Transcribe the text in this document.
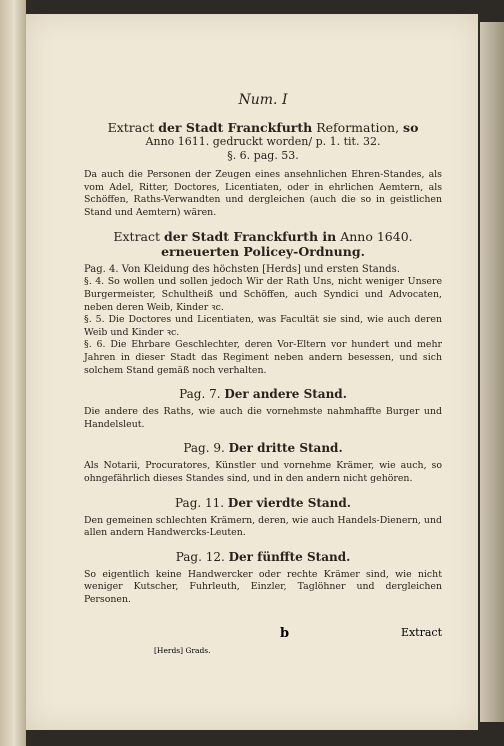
Num. I
Extract der Stadt Franckfurth Reformation, so
Anno 1611. gedruckt worden/ p. 1. tit. 32.
§. 6. pag. 53.
Da auch die Personen der Zeugen eines ansehnlichen Ehren-Standes, als vom Adel, Ritter, Doctores, Licentiaten, oder in ehrlichen Aemtern, als Schöffen, Raths-Verwandten und dergleichen (auch die so in geistlichen Stand und Aemtern) wären.
Extract der Stadt Franckfurth in Anno 1640.
erneuerten Policey-Ordnung.
Pag. 4. Von Kleidung des höchsten [Herds] und ersten Stands.
§. 4. So wollen und sollen jedoch Wir der Rath Uns, nicht weniger Unsere Burgermeister, Schultheiß und Schöffen, auch Syndici und Advocaten, neben deren Weib, Kinder ꝛc.
§. 5. Die Doctores und Licentiaten, was Facultät sie sind, wie auch deren Weib und Kinder ꝛc.
§. 6. Die Ehrbare Geschlechter, deren Vor-Eltern vor hundert und mehr Jahren in dieser Stadt das Regiment neben andern besessen, und sich solchem Stand gemäß noch verhalten.
Pag. 7. Der andere Stand.
Die andere des Raths, wie auch die vornehmste nahmhaffte Burger und Handelsleut.
Pag. 9. Der dritte Stand.
Als Notarii, Procuratores, Künstler und vornehme Krämer, wie auch, so ohngefährlich dieses Standes sind, und in den andern nicht gehören.
Pag. 11. Der vierdte Stand.
Den gemeinen schlechten Krämern, deren, wie auch Handels-Dienern, und allen andern Handwercks-Leuten.
Pag. 12. Der fünffte Stand.
So eigentlich keine Handwercker oder rechte Krämer sind, wie nicht weniger Kutscher, Fuhrleuth, Einzler, Taglöhner und dergleichen Personen.
b	Extract
[Herds] Grads.
